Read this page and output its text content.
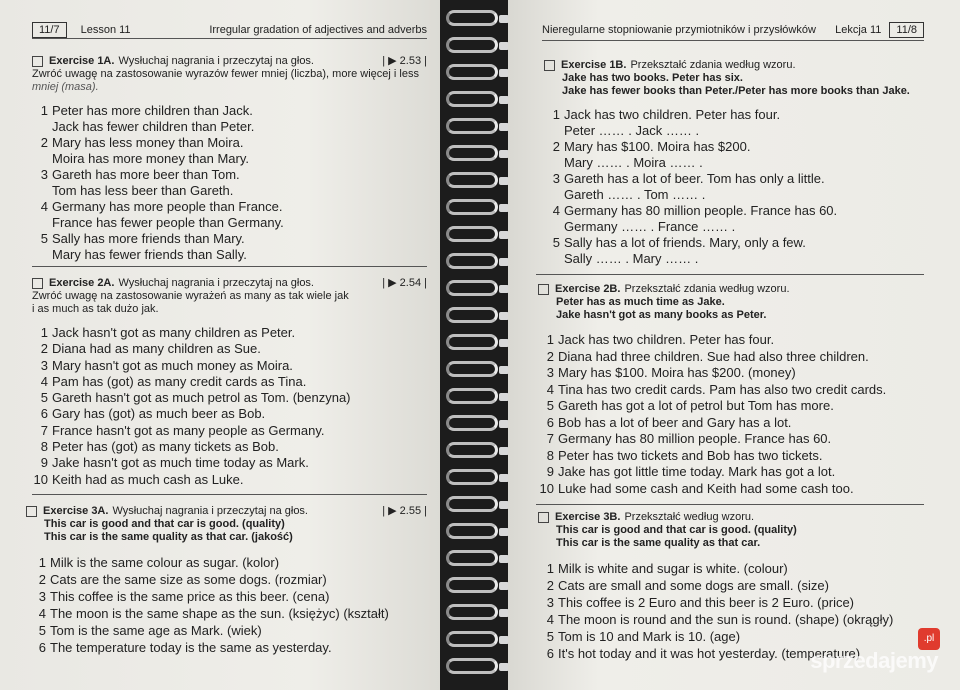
11/7	Lesson 11	Irregular gradation of adjectives and adverbs
Exercise 1A. Wysłuchaj nagrania i przeczytaj na głos.	| ▶ 2.53 |
Zwróć uwagę na zastosowanie wyrazów fewer mniej (liczba), more więcej i less
mniej (masa).
1 Peter has more children than Jack.
Jack has fewer children than Peter.
2 Mary has less money than Moira.
Moira has more money than Mary.
3 Gareth has more beer than Tom.
Tom has less beer than Gareth.
4 Germany has more people than France.
France has fewer people than Germany.
5 Sally has more friends than Mary.
Mary has fewer friends than Sally.
Exercise 2A. Wysłuchaj nagrania i przeczytaj na głos.	| ▶ 2.54 |
Zwróć uwagę na zastosowanie wyrażeń as many as tak wiele jak
i as much as tak dużo jak.
1 Jack hasn't got as many children as Peter.
2 Diana had as many children as Sue.
3 Mary hasn't got as much money as Moira.
4 Pam has (got) as many credit cards as Tina.
5 Gareth hasn't got as much petrol as Tom. (benzyna)
6 Gary has (got) as much beer as Bob.
7 France hasn't got as many people as Germany.
8 Peter has (got) as many tickets as Bob.
9 Jake hasn't got as much time today as Mark.
10 Keith had as much cash as Luke.
Exercise 3A. Wysłuchaj nagrania i przeczytaj na głos.	| ▶ 2.55 |
This car is good and that car is good. (quality)
This car is the same quality as that car. (jakość)
1 Milk is the same colour as sugar. (kolor)
2 Cats are the same size as some dogs. (rozmiar)
3 This coffee is the same price as this beer. (cena)
4 The moon is the same shape as the sun. (księżyc) (kształt)
5 Tom is the same age as Mark. (wiek)
6 The temperature today is the same as yesterday.
Nieregularne stopniowanie przymiotników i przysłówków Lekcja 11	11/8
Exercise 1B. Przekształć zdania według wzoru.
Jake has two books. Peter has six.
Jake has fewer books than Peter./Peter has more books than Jake.
1 Jack has two children. Peter has four.
Peter …… . Jack …… .
2 Mary has $100. Moira has $200.
Mary …… . Moira …… .
3 Gareth has a lot of beer. Tom has only a little.
Gareth …… . Tom …… .
4 Germany has 80 million people. France has 60.
Germany …… . France …… .
5 Sally has a lot of friends. Mary, only a few.
Sally …… . Mary …… .
Exercise 2B. Przekształć zdania według wzoru.
Peter has as much time as Jake.
Jake hasn't got as many books as Peter.
1 Jack has two children. Peter has four.
2 Diana had three children. Sue had also three children.
3 Mary has $100. Moira has $200. (money)
4 Tina has two credit cards. Pam has also two credit cards.
5 Gareth has got a lot of petrol but Tom has more.
6 Bob has a lot of beer and Gary has a lot.
7 Germany has 80 million people. France has 60.
8 Peter has two tickets and Bob has two tickets.
9 Jake has got little time today. Mark has got a lot.
10 Luke had some cash and Keith had some cash too.
Exercise 3B. Przekształć według wzoru.
This car is good and that car is good. (quality)
This car is the same quality as that car.
1 Milk is white and sugar is white. (colour)
2 Cats are small and some dogs are small. (size)
3 This coffee is 2 Euro and this beer is 2 Euro. (price)
4 The moon is round and the sun is round. (shape) (okrągły)
5 Tom is 10 and Mark is 10. (age)
6 It's hot today and it was hot yesterday. (temperature)
.pl
sprzedajemy
